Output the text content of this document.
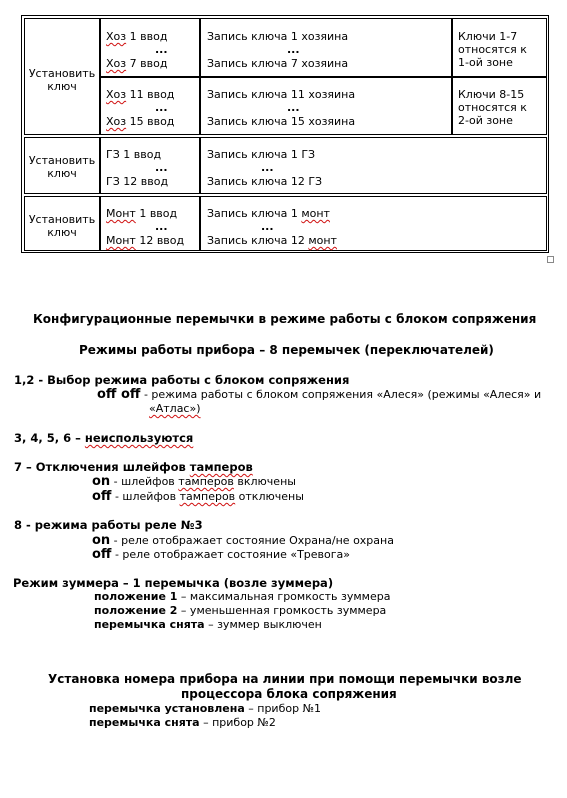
Установить
ключ
Хоз 1 ввод
...
Хоз 7 ввод
Запись ключа 1 хозяина
...
Запись ключа 7 хозяина
Ключи 1-7
относятся к
1-ой зоне
Хоз 11 ввод
...
Хоз 15 ввод
Запись ключа 11 хозяина
...
Запись ключа 15 хозяина
Ключи 8-15
относятся к
2-ой зоне
Установить
ключ
ГЗ 1 ввод
...
ГЗ 12 ввод
Запись ключа 1 ГЗ
...
Запись ключа 12 ГЗ
Установить
ключ
Монт 1 ввод
...
Монт 12 ввод
Запись ключа 1 монт
...
Запись ключа 12 монт
Конфигурационные перемычки в режиме работы с блоком сопряжения
Режимы работы прибора – 8 перемычек (переключателей)
1,2 - Выбор режима работы с блоком сопряжения
off off - режима работы с блоком сопряжения «Алеся» (режимы «Алеся» и
«Атлас»)
3, 4, 5, 6 – неиспользуются
7 – Отключения шлейфов тамперов
on - шлейфов тамперов включены
off - шлейфов тамперов отключены
8 - режима работы реле №3
on - реле отображает состояние Охрана/не охрана
off - реле отображает состояние «Тревога»
Режим зуммера – 1 перемычка (возле зуммера)
положение 1 – максимальная громкость зуммера
положение 2 – уменьшенная громкость зуммера
перемычка снята – зуммер выключен
Установка номера прибора на линии при помощи перемычки возле
процессора блока сопряжения
перемычка установлена – прибор №1
перемычка снята – прибор №2
